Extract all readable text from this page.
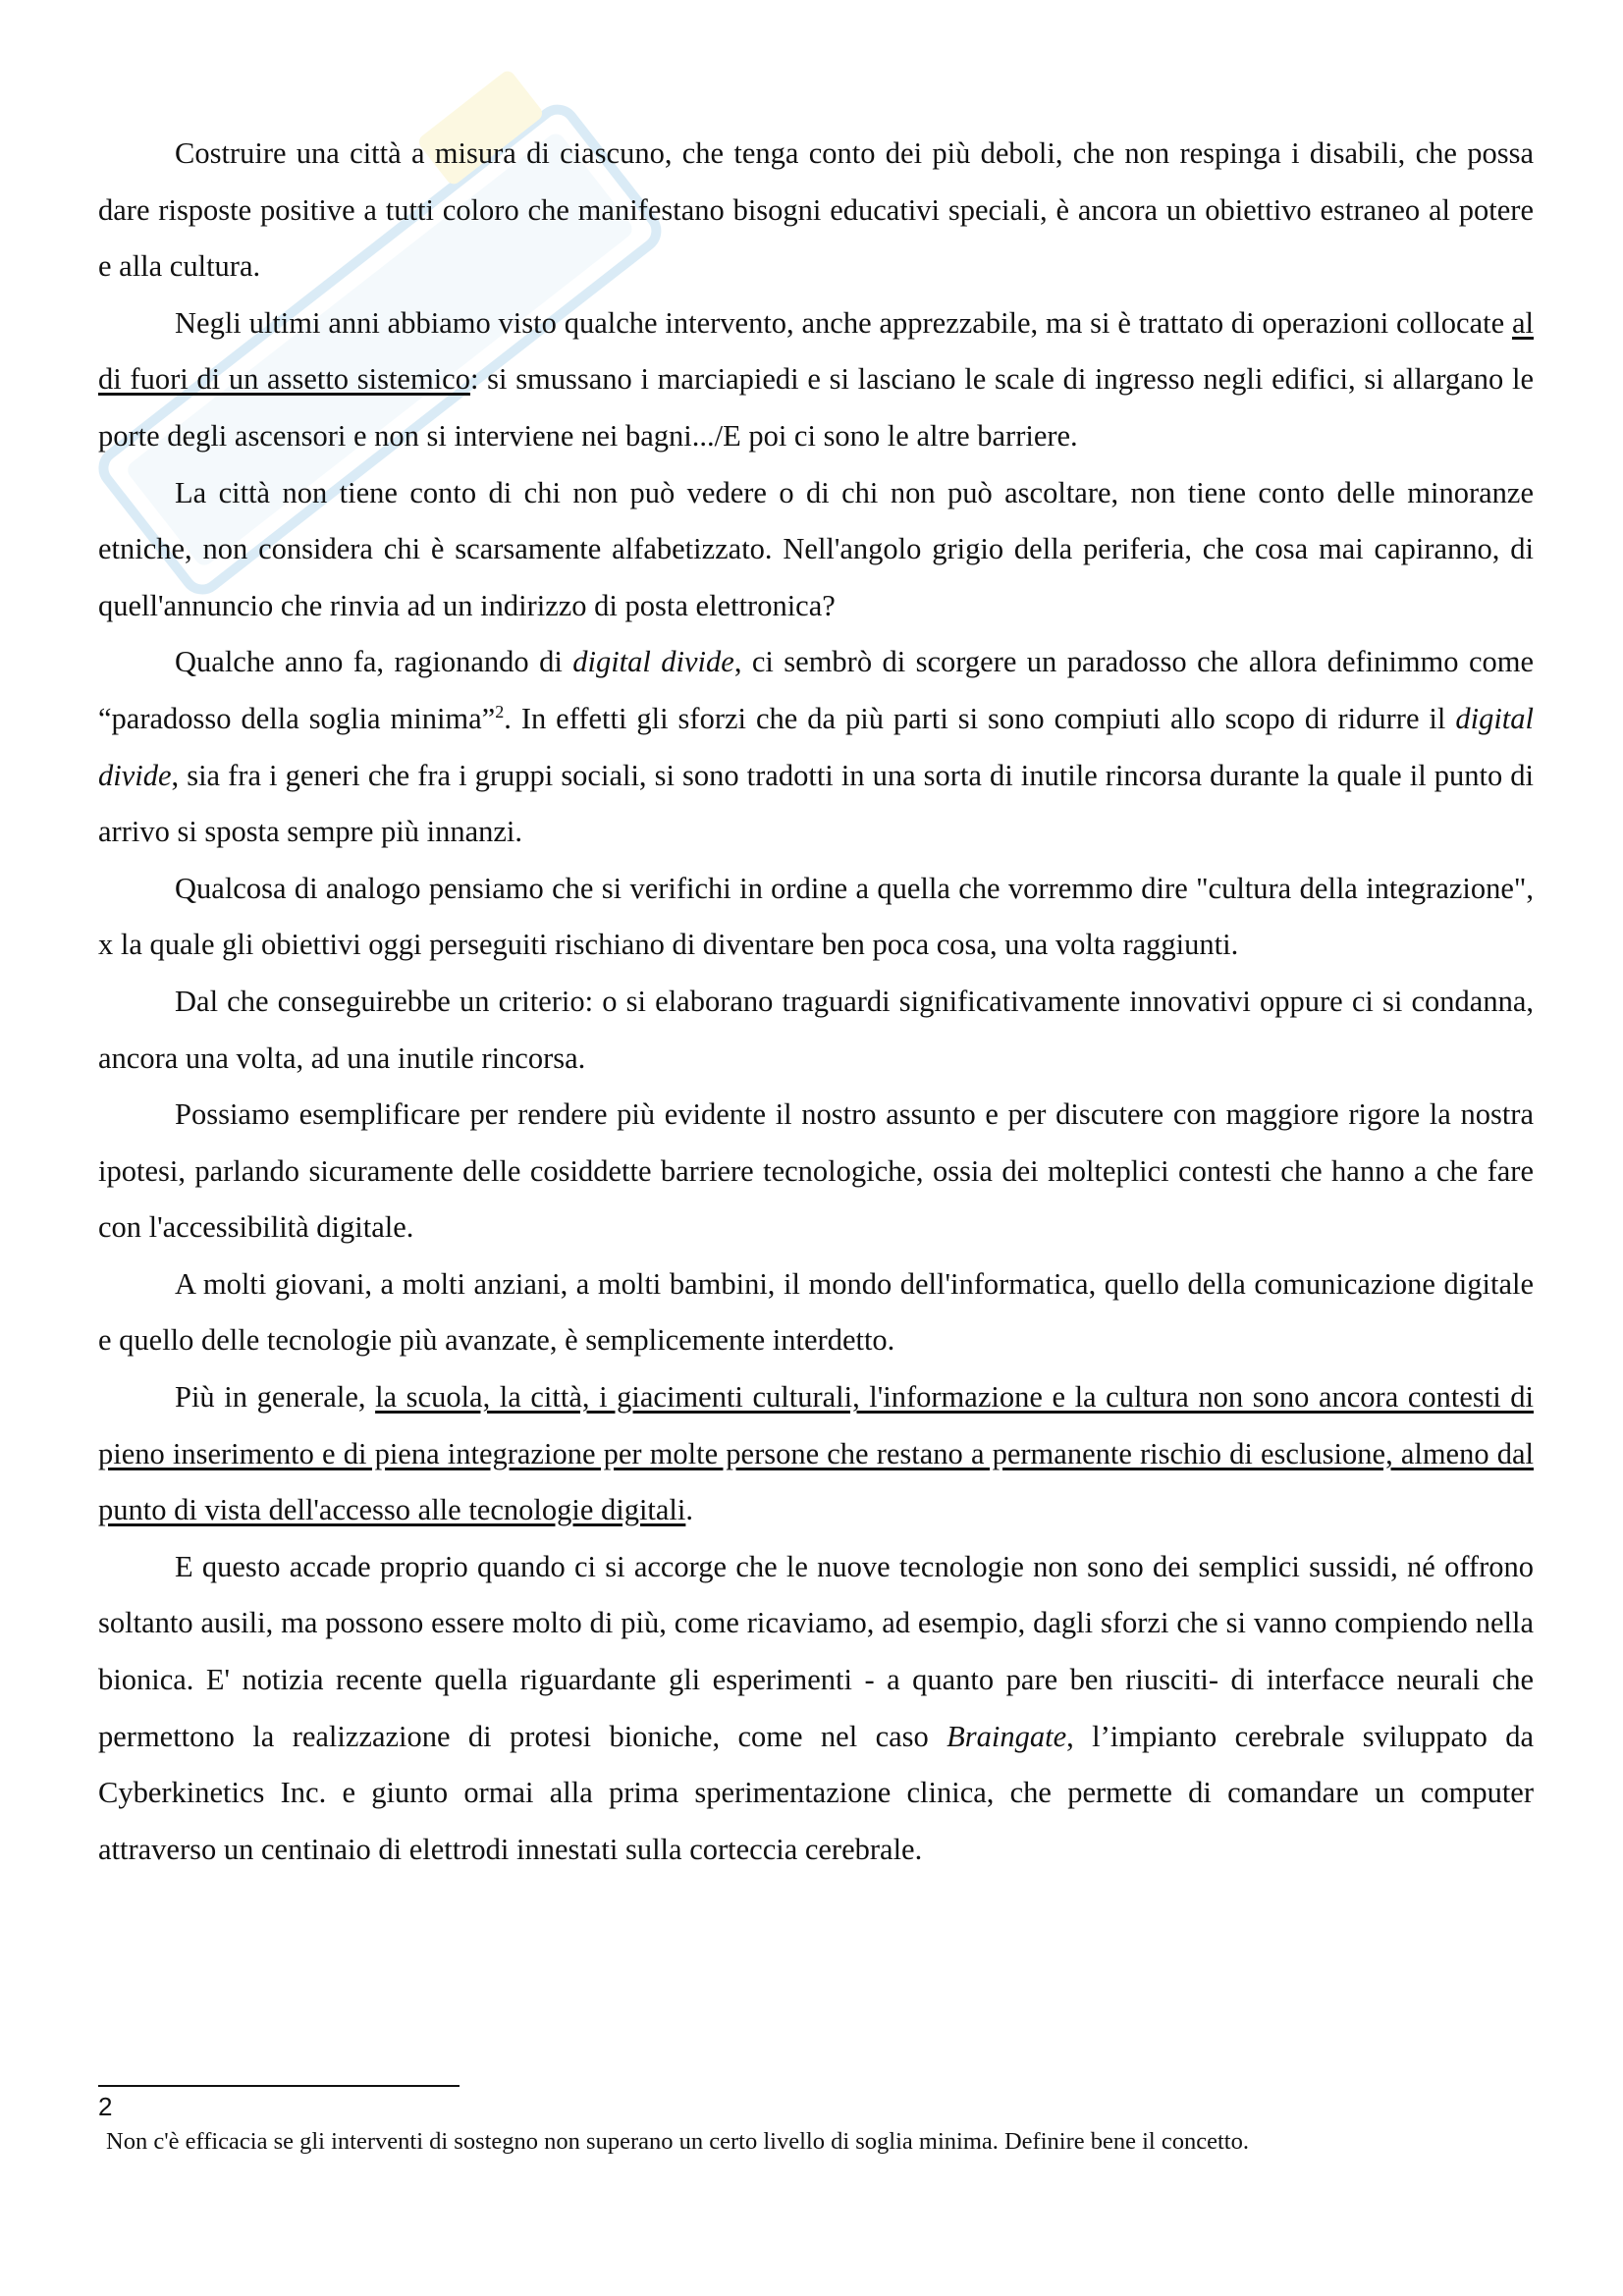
Costruire una città a misura di ciascuno, che tenga conto dei più deboli, che non respinga i disabili, che possa dare risposte positive a tutti coloro che manifestano bisogni educativi speciali, è ancora un obiettivo estraneo al potere e alla cultura.

Negli ultimi anni abbiamo visto qualche intervento, anche apprezzabile, ma si è trattato di operazioni collocate al di fuori di un assetto sistemico: si smussano i marciapiedi e si lasciano le scale di ingresso negli edifici, si allargano le porte degli ascensori e non si interviene nei bagni.../E poi ci sono le altre barriere.

La città non tiene conto di chi non può vedere o di chi non può ascoltare, non tiene conto delle minoranze etniche, non considera chi è scarsamente alfabetizzato. Nell'angolo grigio della periferia, che cosa mai capiranno, di quell'annuncio che rinvia ad un indirizzo di posta elettronica?

Qualche anno fa, ragionando di digital divide, ci sembrò di scorgere un paradosso che allora definimmo come “paradosso della soglia minima”$^2$. In effetti gli sforzi che da più parti si sono compiuti allo scopo di ridurre il digital divide, sia fra i generi che fra i gruppi sociali, si sono tradotti in una sorta di inutile rincorsa durante la quale il punto di arrivo si sposta sempre più innanzi.

Qualcosa di analogo pensiamo che si verifichi in ordine a quella che vorremmo dire "cultura della integrazione", x la quale gli obiettivi oggi perseguiti rischiano di diventare ben poca cosa, una volta raggiunti.

Dal che conseguirebbe un criterio: o si elaborano traguardi significativamente innovativi oppure ci si condanna, ancora una volta, ad una inutile rincorsa.

Possiamo esemplificare per rendere più evidente il nostro assunto e per discutere con maggiore rigore la nostra ipotesi, parlando sicuramente delle cosiddette barriere tecnologiche, ossia dei molteplici contesti che hanno a che fare con l'accessibilità digitale.

A molti giovani, a molti anziani, a molti bambini, il mondo dell'informatica, quello della comunicazione digitale e quello delle tecnologie più avanzate, è semplicemente interdetto.

Più in generale, la scuola, la città, i giacimenti culturali, l'informazione e la cultura non sono ancora contesti di pieno inserimento e di piena integrazione per molte persone che restano a permanente rischio di esclusione, almeno dal punto di vista dell'accesso alle tecnologie digitali.

E questo accade proprio quando ci si accorge che le nuove tecnologie non sono dei semplici sussidi, né offrono soltanto ausili, ma possono essere molto di più, come ricaviamo, ad esempio, dagli sforzi che si vanno compiendo nella bionica. E' notizia recente quella riguardante gli esperimenti - a quanto pare ben riusciti- di interfacce neurali che permettono la realizzazione di protesi bioniche, come nel caso Braingate, l’impianto cerebrale sviluppato da Cyberkinetics Inc. e giunto ormai alla prima sperimentazione clinica, che permette di comandare un computer attraverso un centinaio di elettrodi innestati sulla corteccia cerebrale.

2
Non c'è efficacia se gli interventi di sostegno non superano un certo livello di soglia minima. Definire bene il concetto.
